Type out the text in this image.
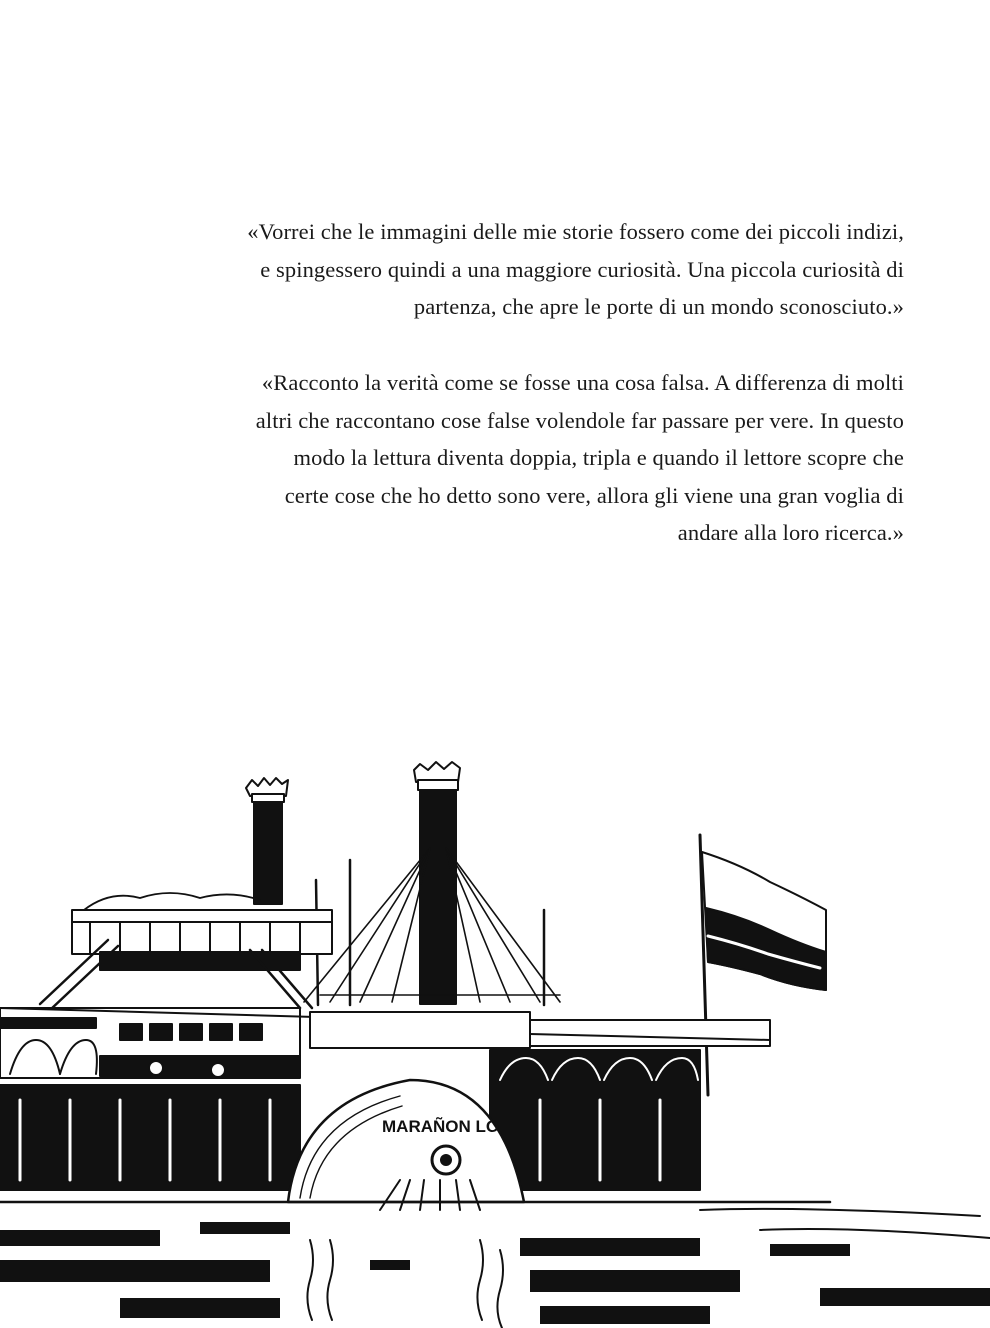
«Vorrei che le immagini delle mie storie fossero come dei piccoli indizi,
e spingessero quindi a una maggiore curiosità. Una piccola curiosità di
partenza, che apre le porte di un mondo sconosciuto.»
«Racconto la verità come se fosse una cosa falsa. A differenza di molti
altri che raccontano cose false volendole far passare per vere. In questo
modo la lettura diventa doppia, tripla e quando il lettore scopre che
certe cose che ho detto sono vere, allora gli viene una gran voglia di
andare alla loro ricerca.»
MARAÑON LO
